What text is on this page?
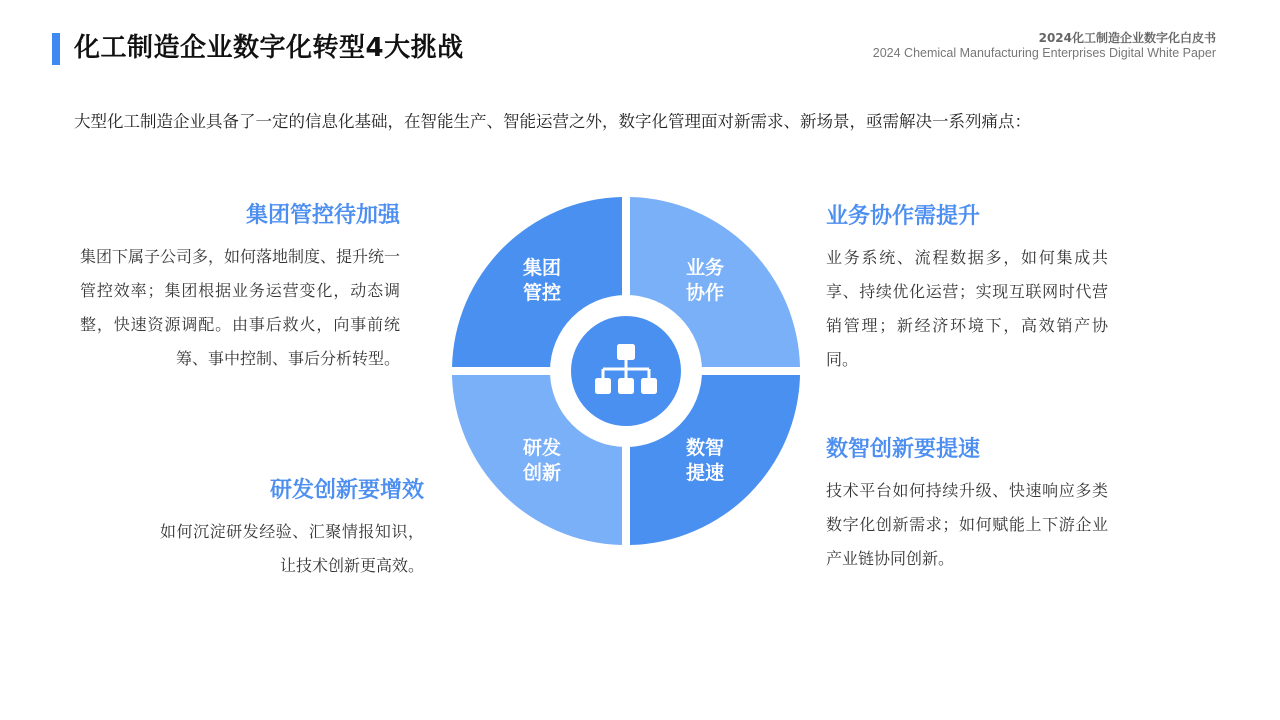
化工制造企业数字化转型4大挑战	2024化工制造企业数字化白皮书
2024 Chemical Manufacturing Enterprises Digital White Paper
大型化工制造企业具备了一定的信息化基础，在智能生产、智能运营之外，数字化管理面对新需求、新场景，亟需解决一系列痛点：
集团管控待加强

集团下属子公司多，如何落地制度、提升统一管控效率；集团根据业务运营变化，动态调整，快速资源调配。由事后救火，向事前统筹、事中控制、事后分析转型。

研发创新要增效

如何沉淀研发经验、汇聚情报知识，让技术创新更高效。

业务协作需提升

业务系统、流程数据多，如何集成共享、持续优化运营；实现互联网时代营销管理；新经济环境下，高效销产协同。

数智创新要提速

技术平台如何持续升级、快速响应多类数字化创新需求；如何赋能上下游企业产业链协同创新。

集团
管控
业务
协作
研发
创新
数智
提速
